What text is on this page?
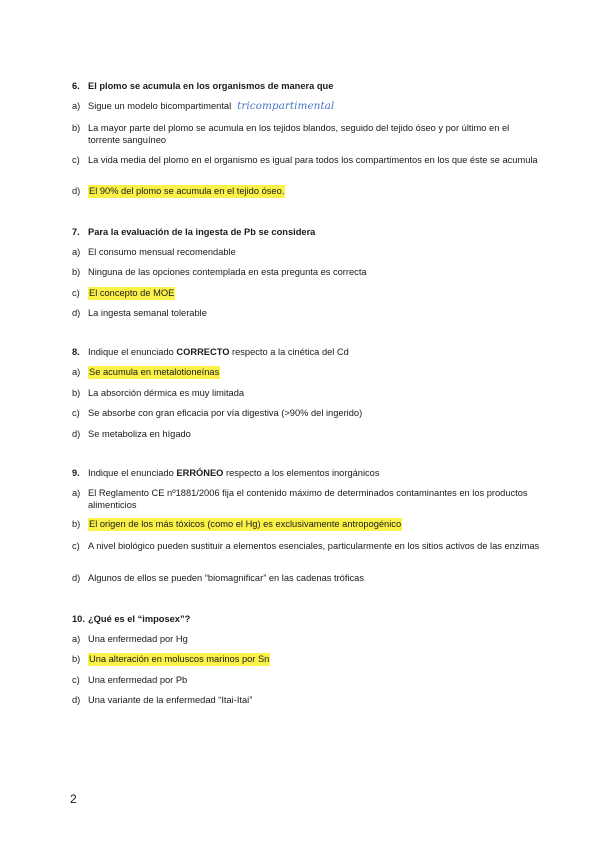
6. El plomo se acumula en los organismos de manera que
a) Sigue un modelo bicompartimental tricompartimental
b) La mayor parte del plomo se acumula en los tejidos blandos, seguido del tejido óseo y por último en el torrente sanguíneo
c) La vida media del plomo en el organismo es igual para todos los compartimentos en los que éste se acumula
d) El 90% del plomo se acumula en el tejido óseo.
7. Para la evaluación de la ingesta de Pb se considera
a) El consumo mensual recomendable
b) Ninguna de las opciones contemplada en esta pregunta es correcta
c) El concepto de MOE
d) La ingesta semanal tolerable
8. Indique el enunciado CORRECTO respecto a la cinética del Cd
a) Se acumula en metalotioneínas
b) La absorción dérmica es muy limitada
c) Se absorbe con gran eficacia por vía digestiva (>90% del ingerido)
d) Se metaboliza en hígado
9. Indique el enunciado ERRÓNEO respecto a los elementos inorgánicos
a) El Reglamento CE nº1881/2006 fija el contenido máximo de determinados contaminantes en los productos alimenticios
b) El origen de los más tóxicos (como el Hg) es exclusivamente antropogénico
c) A nivel biológico pueden sustituir a elementos esenciales, particularmente en los sitios activos de las enzimas
d) Algunos de ellos se pueden “biomagnificar” en las cadenas tróficas
10. ¿Qué es el “imposex”?
a) Una enfermedad por Hg
b) Una alteración en moluscos marinos por Sn
c) Una enfermedad por Pb
d) Una variante de la enfermedad “Itai-Itai”
2
